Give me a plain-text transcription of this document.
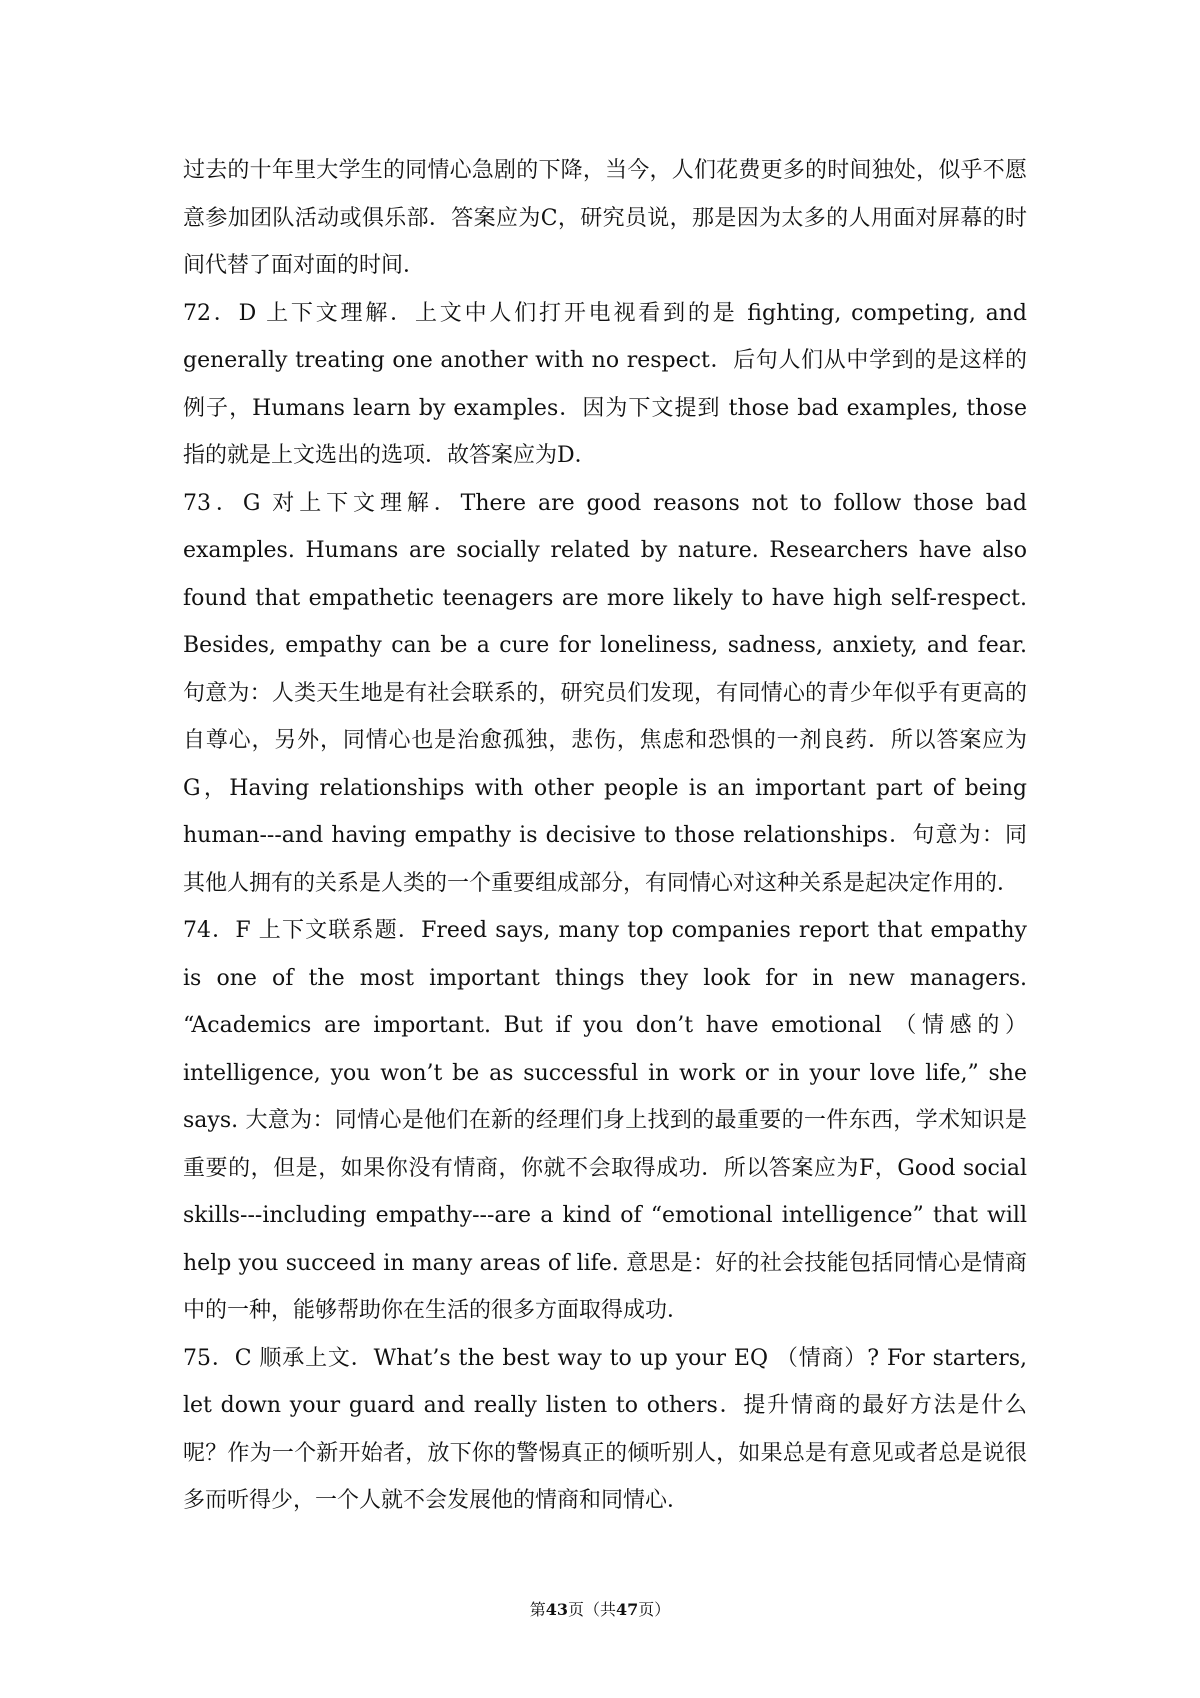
过去的十年里大学生的同情心急剧的下降，当今，人们花费更多的时间独处，似乎不愿意参加团队活动或俱乐部．答案应为C，研究员说，那是因为太多的人用面对屏幕的时间代替了面对面的时间．

72．D 上下文理解．上文中人们打开电视看到的是 fighting, competing, and generally treating one another with no respect．后句人们从中学到的是这样的例子，Humans learn by examples．因为下文提到 those bad examples, those 指的就是上文选出的选项．故答案应为D．

73．G 对上下文理解．There are good reasons not to follow those bad examples. Humans are socially related by nature. Researchers have also found that empathetic teenagers are more likely to have high self-respect. Besides, empathy can be a cure for loneliness, sadness, anxiety, and fear. 句意为：人类天生地是有社会联系的，研究员们发现，有同情心的青少年似乎有更高的自尊心，另外，同情心也是治愈孤独，悲伤，焦虑和恐惧的一剂良药．所以答案应为G，Having relationships with other people is an important part of being human---and having empathy is decisive to those relationships．句意为：同其他人拥有的关系是人类的一个重要组成部分，有同情心对这种关系是起决定作用的．

74．F 上下文联系题．Freed says, many top companies report that empathy is one of the most important things they look for in new managers. “Academics are important. But if you don’t have emotional （情感的） intelligence, you won’t be as successful in work or in your love life,” she says. 大意为：同情心是他们在新的经理们身上找到的最重要的一件东西，学术知识是重要的，但是，如果你没有情商，你就不会取得成功．所以答案应为F，Good social skills---including empathy---are a kind of “emotional intelligence” that will help you succeed in many areas of life. 意思是：好的社会技能包括同情心是情商中的一种，能够帮助你在生活的很多方面取得成功．

75．C 顺承上文．What’s the best way to up your EQ （情商）? For starters, let down your guard and really listen to others．提升情商的最好方法是什么呢？作为一个新开始者，放下你的警惕真正的倾听别人，如果总是有意见或者总是说很多而听得少，一个人就不会发展他的情商和同情心．

第43页（共47页）
